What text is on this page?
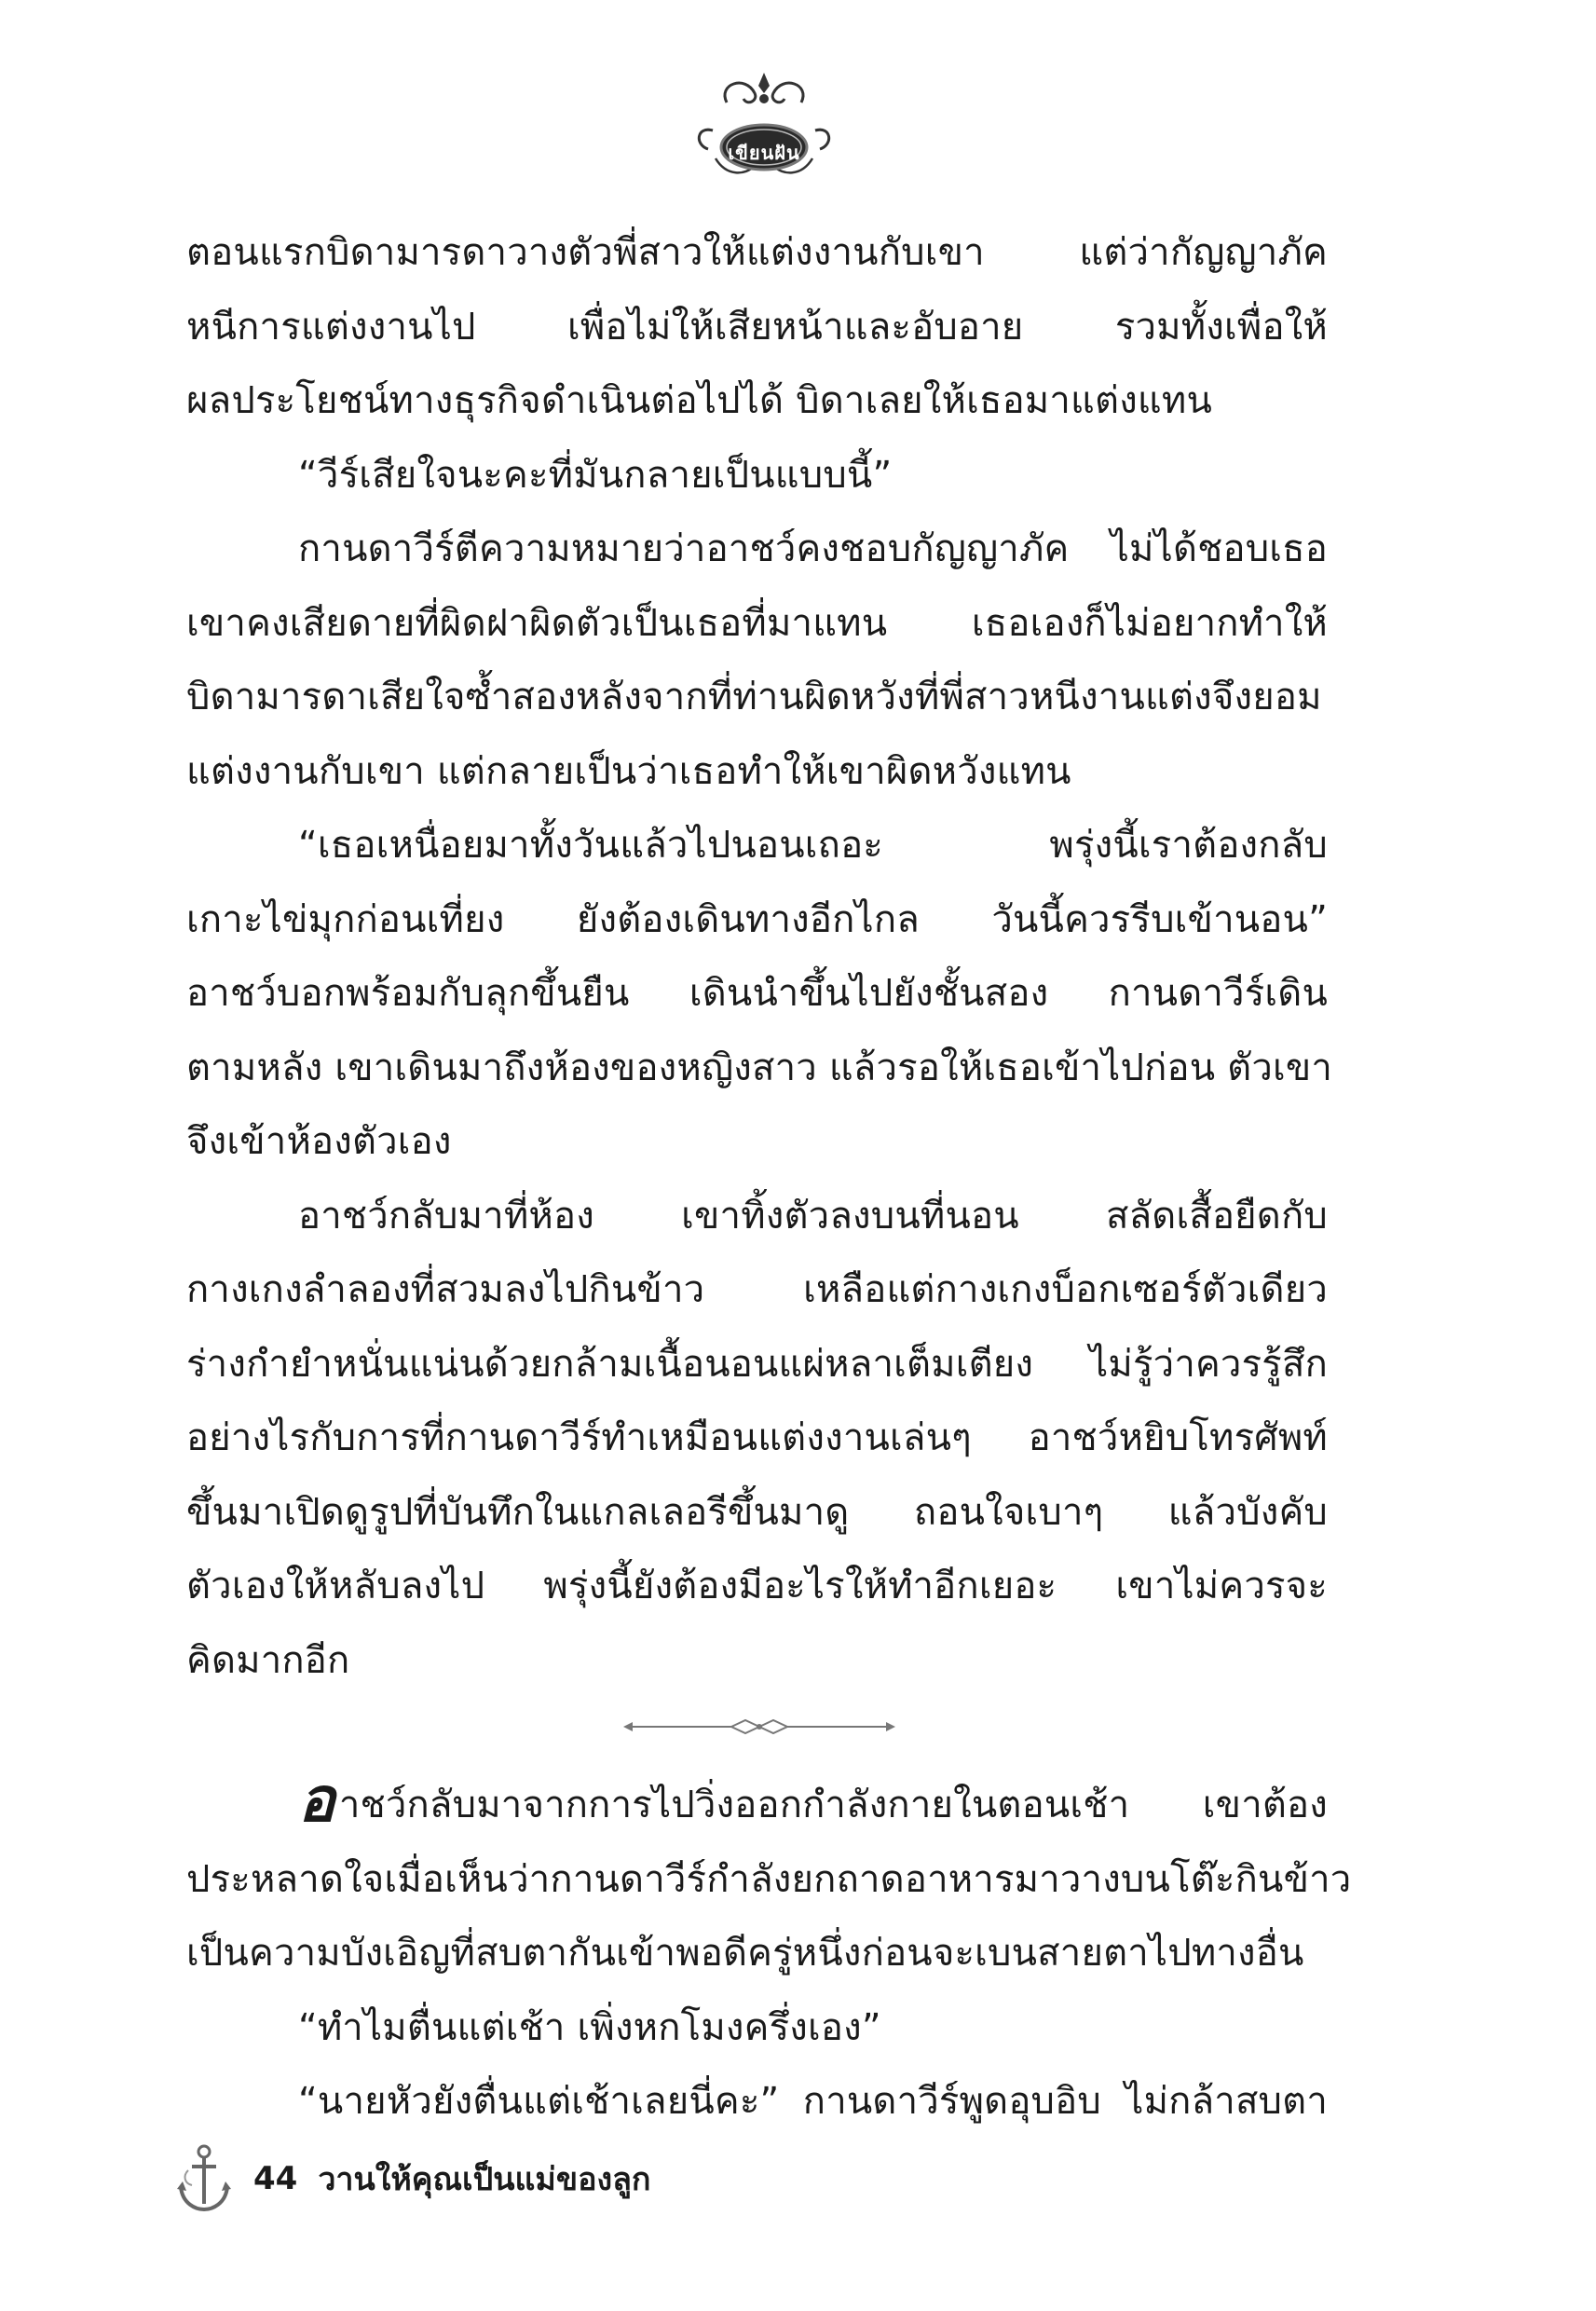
เขียนฝัน
ตอนแรกบิดามารดาวางตัวพี่สาวให้แต่งงานกับเขา แต่ว่ากัญญาภัค
หนีการแต่งงานไป เพื่อไม่ให้เสียหน้าและอับอาย รวมทั้งเพื่อให้
ผลประโยชน์ทางธุรกิจดำเนินต่อไปได้ บิดาเลยให้เธอมาแต่งแทน
“วีร์เสียใจนะคะที่มันกลายเป็นแบบนี้”
กานดาวีร์ตีความหมายว่าอาชว์คงชอบกัญญาภัค ไม่ได้ชอบเธอ
เขาคงเสียดายที่ผิดฝาผิดตัวเป็นเธอที่มาแทน เธอเองก็ไม่อยากทำให้
บิดามารดาเสียใจซ้ำสองหลังจากที่ท่านผิดหวังที่พี่สาวหนีงานแต่งจึงยอม
แต่งงานกับเขา แต่กลายเป็นว่าเธอทำให้เขาผิดหวังแทน
“เธอเหนื่อยมาทั้งวันแล้วไปนอนเถอะ พรุ่งนี้เราต้องกลับ
เกาะไข่มุกก่อนเที่ยง ยังต้องเดินทางอีกไกล วันนี้ควรรีบเข้านอน”
อาชว์บอกพร้อมกับลุกขึ้นยืน เดินนำขึ้นไปยังชั้นสอง กานดาวีร์เดิน
ตามหลัง เขาเดินมาถึงห้องของหญิงสาว แล้วรอให้เธอเข้าไปก่อน ตัวเขา
จึงเข้าห้องตัวเอง
อาชว์กลับมาที่ห้อง เขาทิ้งตัวลงบนที่นอน สลัดเสื้อยืดกับ
กางเกงลำลองที่สวมลงไปกินข้าว เหลือแต่กางเกงบ็อกเซอร์ตัวเดียว
ร่างกำยำหนั่นแน่นด้วยกล้ามเนื้อนอนแผ่หลาเต็มเตียง ไม่รู้ว่าควรรู้สึก
อย่างไรกับการที่กานดาวีร์ทำเหมือนแต่งงานเล่นๆ อาชว์หยิบโทรศัพท์
ขึ้นมาเปิดดูรูปที่บันทึกในแกลเลอรีขึ้นมาดู ถอนใจเบาๆ แล้วบังคับ
ตัวเองให้หลับลงไป พรุ่งนี้ยังต้องมีอะไรให้ทำอีกเยอะ เขาไม่ควรจะ
คิดมากอีก
อาชว์กลับมาจากการไปวิ่งออกกำลังกายในตอนเช้า เขาต้อง
ประหลาดใจเมื่อเห็นว่ากานดาวีร์กำลังยกถาดอาหารมาวางบนโต๊ะกินข้าว
เป็นความบังเอิญที่สบตากันเข้าพอดีครู่หนึ่งก่อนจะเบนสายตาไปทางอื่น
“ทำไมตื่นแต่เช้า เพิ่งหกโมงครึ่งเอง”
“นายหัวยังตื่นแต่เช้าเลยนี่คะ” กานดาวีร์พูดอุบอิบ ไม่กล้าสบตา
44 วานให้คุณเป็นแม่ของลูก
